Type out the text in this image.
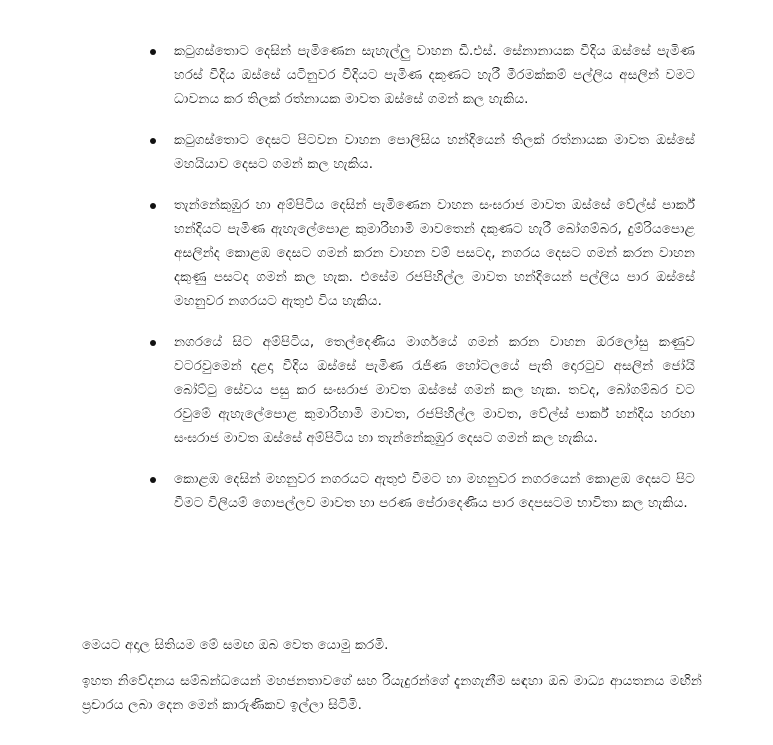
කටුගස්තොට දෙසින් පැමිණෙන සැහැල්ලු වාහන ඩී.එස්. සේනානායක වීදිය ඔස්සේ පැමිණ හරස් වීදිය ඔස්සේ යටිනුවර වීදියට පැමිණ දකුණට හැරී මීරමක්කම් පල්ලිය අසලින් වමට ධාවනය කර තිලක් රත්නායක මාවත ඔස්සේ ගමන් කල හැකිය.
කටුගස්තොට දෙසට පිටවන වාහන පොලිසිය හන්දියෙන් තිලක් රත්නායක මාවත ඔස්සේ මහයියාව දෙසට ගමන් කල හැකිය.
තැන්නේකුඹුර හා අම්පිටිය දෙසින් පැමිණෙන වාහන සංඝරාජ මාවත ඔස්සේ වේල්ස් පාර්ක් හන්දියට පැමිණ ඇහැලේපොළ කුමාරිහාමි මාවතෙන් දකුණට හැරී බෝගම්බර, දුම්රියපොළ අසලින්ද කොළඹ දෙසට ගමන් කරන වාහන වම් පසටද, නගරය දෙසට ගමන් කරන වාහන දකුණු පසටද ගමන් කල හැක. එසේම රජපිහිල්ල මාවත හන්දියෙන් පල්ලිය පාර ඔස්සේ මහනුවර නගරයට ඇතුළු විය හැකිය.
නගරයේ සිට අම්පිටිය, තෙල්දෙණිය මාර්ගයේ ගමන් කරන වාහන ඔරලෝසු කණුව වටරවුමෙන් දළදා වීදිය ඔස්සේ පැමිණ රැජිණ හෝටලයේ පැති දොරටුව අසලින් ජෝයි බෝට්ටු සේවය පසු කර සංඝරාජ මාවත ඔස්සේ ගමන් කල හැක. තවද, බෝගම්බර වට රවුමේ ඇහැලේපොළ කුමාරිහාමි මාවත, රජපිහිල්ල මාවත, වේල්ස් පාර්ක් හන්දිය හරහා සංඝරාජ මාවත ඔස්සේ අම්පිටිය හා තැන්නේකුඹුර දෙසට ගමන් කල හැකිය.
කොළඹ දෙසින් මහනුවර නගරයට ඇතුළු වීමට හා මහනුවර නගරයෙන් කොළඹ දෙසට පිට වීමට විලියම් ගොපල්ලව මාවත හා පරණ පේරාදෙණිය පාර දෙපසටම භාවිතා කල හැකිය.

මෙයට අදාල සිතියම මේ සමඟ ඔබ වෙත යොමු කරමි.

ඉහත නිවේදනය සම්බන්ධයෙන් මහජනතාවගේ සහ රියැදුරන්ගේ දැනගැනීම සඳහා ඔබ මාධ්‍ය ආයතනය මඟින් ප්‍රචාරය ලබා දෙන මෙන් කාරුණිකව ඉල්ලා සිටිමි.
